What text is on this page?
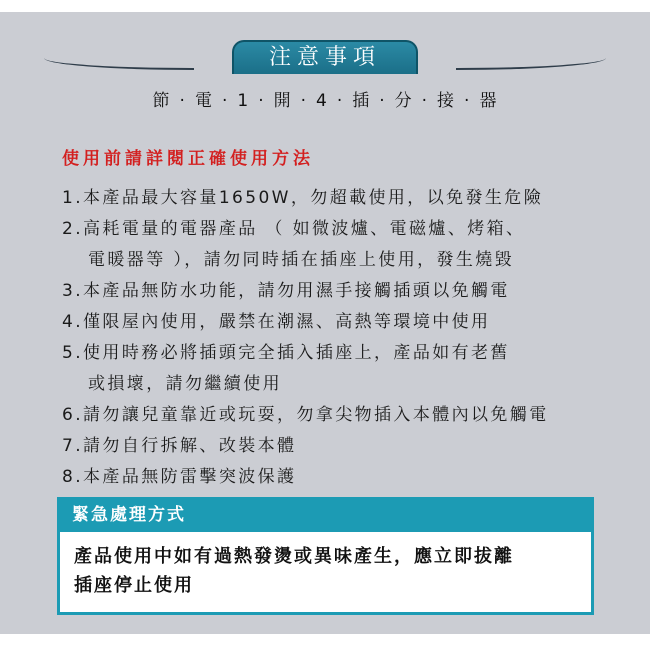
注意事項
節 · 電 · 1 · 開 · 4 · 插 · 分 · 接 · 器
使用前請詳閱正確使用方法
1.本產品最大容量1650W，勿超載使用，以免發生危險
2.高耗電量的電器產品 （ 如微波爐、電磁爐、烤箱、
電暖器等 ），請勿同時插在插座上使用，發生燒毀
3.本產品無防水功能，請勿用濕手接觸插頭以免觸電
4.僅限屋內使用，嚴禁在潮濕、高熱等環境中使用
5.使用時務必將插頭完全插入插座上，產品如有老舊
或損壞，請勿繼續使用
6.請勿讓兒童靠近或玩耍，勿拿尖物插入本體內以免觸電
7.請勿自行拆解、改裝本體
8.本產品無防雷擊突波保護
緊急處理方式
產品使用中如有過熱發燙或異味產生，應立即拔離
插座停止使用
